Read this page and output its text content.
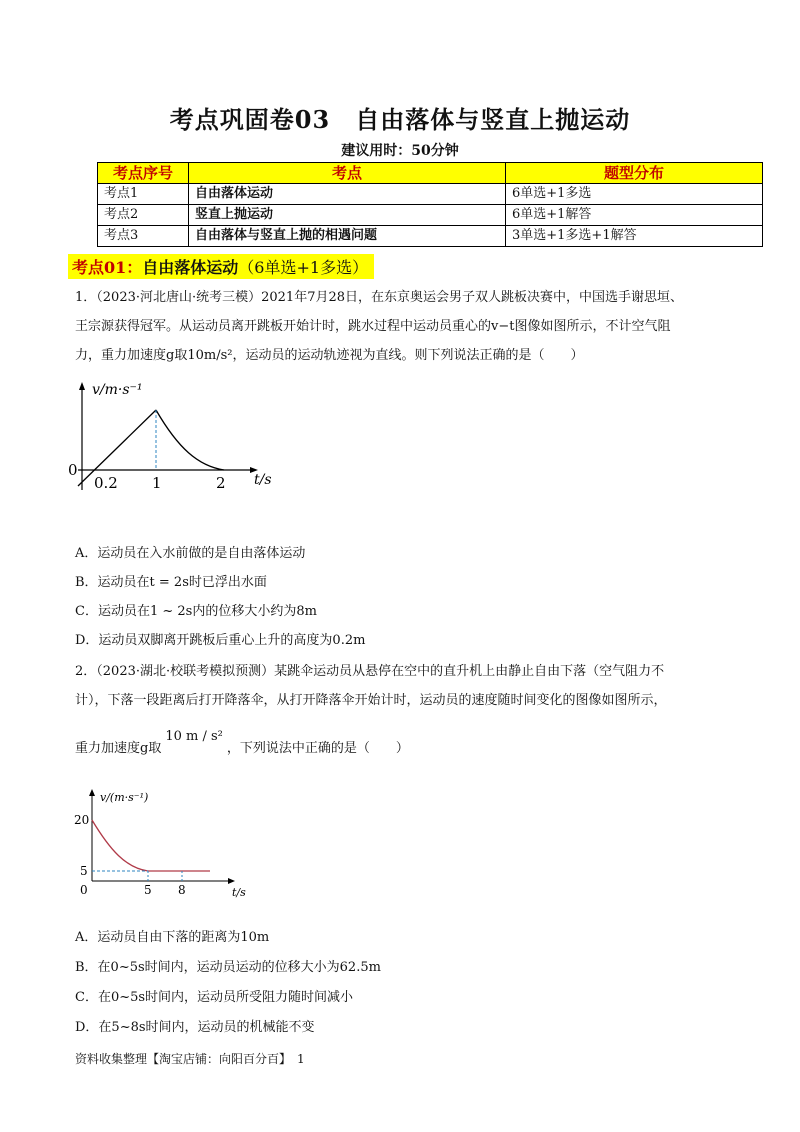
考点巩固卷03　自由落体与竖直上抛运动
建议用时：50分钟
考点序号	考点	题型分布
考点1	自由落体运动	6单选+1多选
考点2	竖直上抛运动	6单选+1解答
考点3	自由落体与竖直上抛的相遇问题	3单选+1多选+1解答
考点01：自由落体运动（6单选+1多选）
1．（2023·河北唐山·统考三模）2021年7月28日，在东京奥运会男子双人跳板决赛中，中国选手谢思垣、
王宗源获得冠军。从运动员离开跳板开始计时，跳水过程中运动员重心的v−t图像如图所示，不计空气阻
力，重力加速度g取10m/s²，运动员的运动轨迹视为直线。则下列说法正确的是（　　）
v/m·s⁻¹
t/s
0
0.2 1	2
A．运动员在入水前做的是自由落体运动
B．运动员在t = 2s时已浮出水面
C．运动员在1 ~ 2s内的位移大小约为8m
D．运动员双脚离开跳板后重心上升的高度为0.2m
2．（2023·湖北·校联考模拟预测）某跳伞运动员从悬停在空中的直升机上由静止自由下落（空气阻力不
计），下落一段距离后打开降落伞，从打开降落伞开始计时，运动员的速度随时间变化的图像如图所示，
重力加速度g取10 m / s²，下列说法中正确的是（　　）
v/(m·s⁻¹)
t/s
20
5
0	5 8
A．运动员自由下落的距离为10m
B．在0~5s时间内，运动员运动的位移大小为62.5m
C．在0~5s时间内，运动员所受阻力随时间减小
D．在5~8s时间内，运动员的机械能不变
资料收集整理【淘宝店铺：向阳百分百】　1
